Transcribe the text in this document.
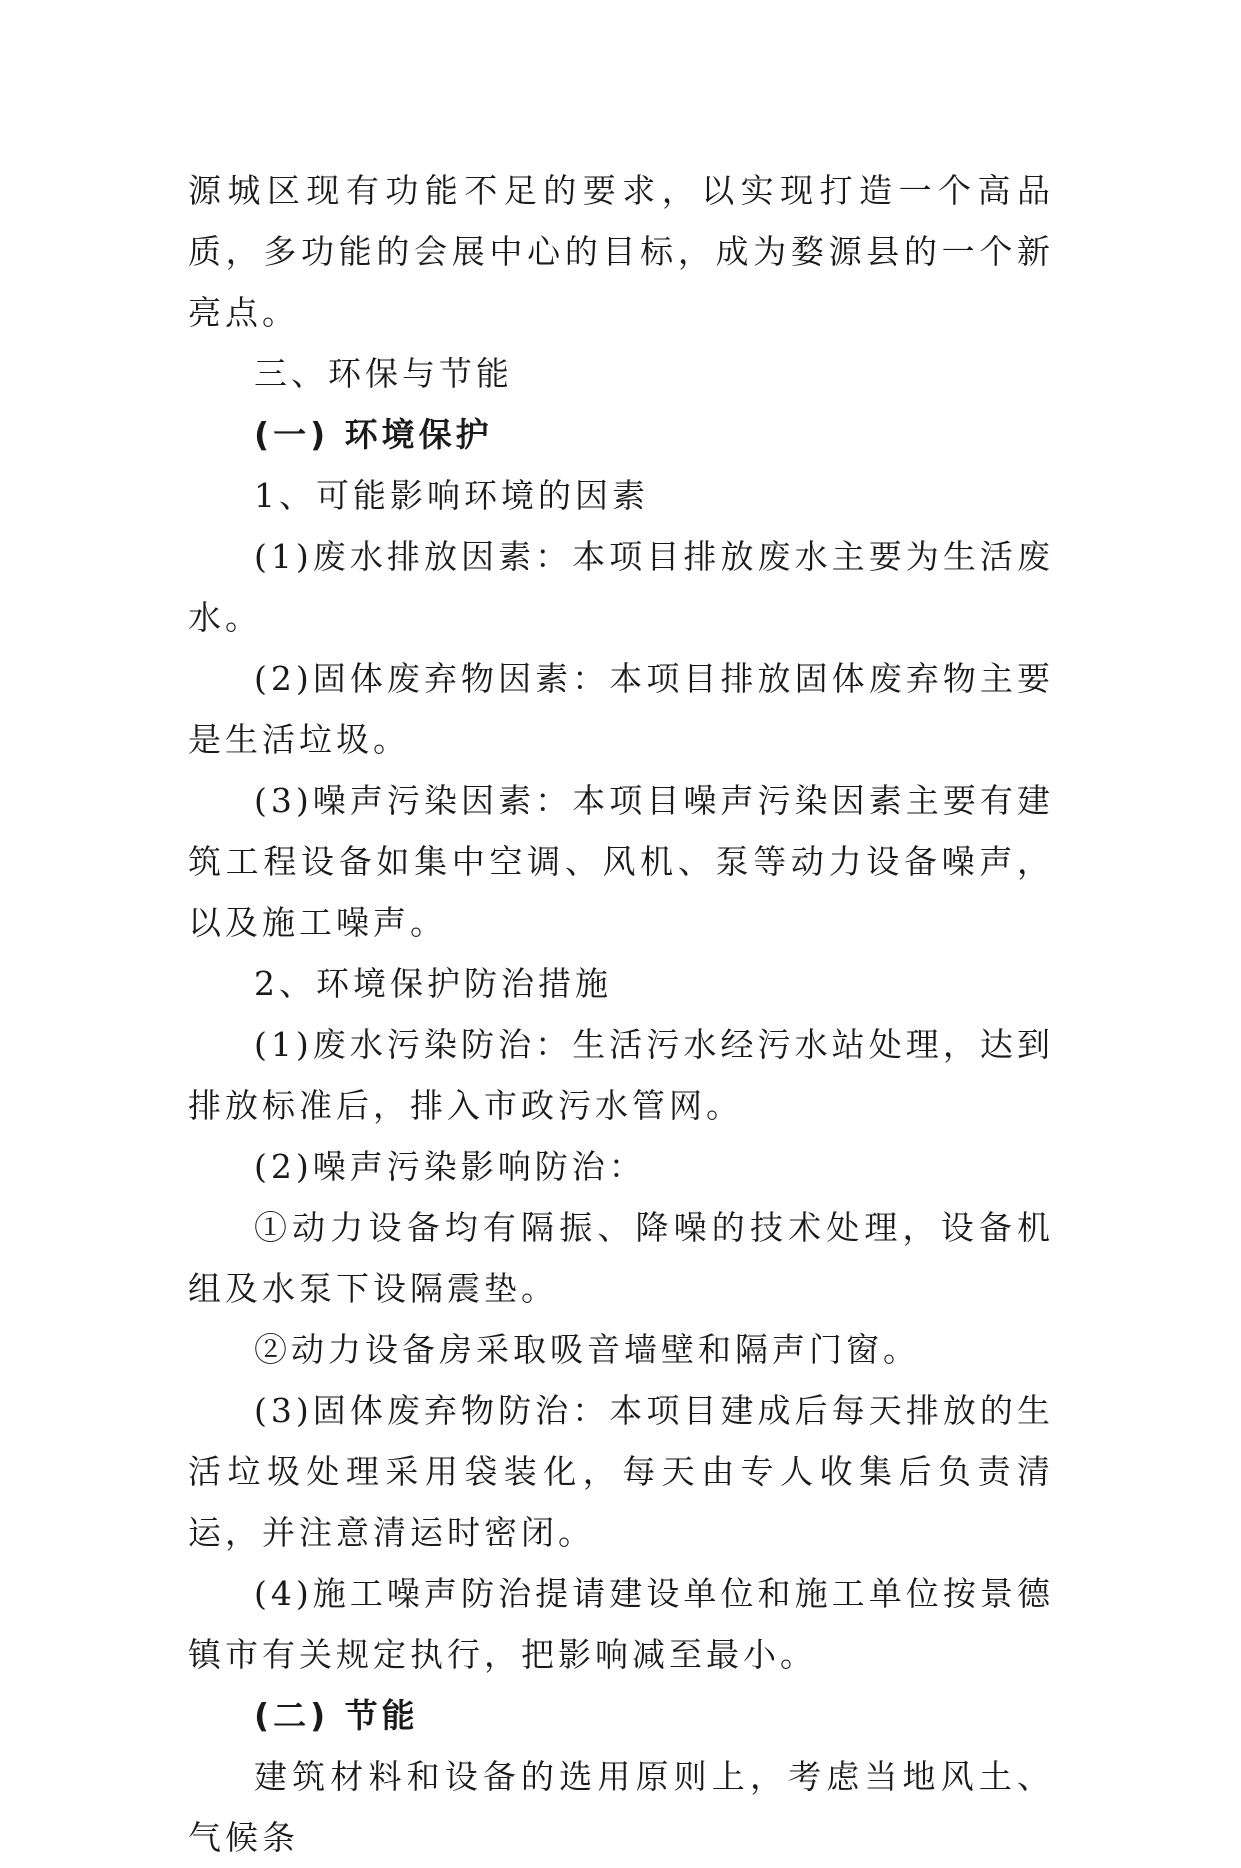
源城区现有功能不足的要求，以实现打造一个高品质，多功能的会展中心的目标，成为婺源县的一个新亮点。

三、环保与节能

(一) 环境保护

1、可能影响环境的因素

(1)废水排放因素：本项目排放废水主要为生活废水。

(2)固体废弃物因素：本项目排放固体废弃物主要是生活垃圾。

(3)噪声污染因素：本项目噪声污染因素主要有建筑工程设备如集中空调、风机、泵等动力设备噪声，以及施工噪声。

2、环境保护防治措施

(1)废水污染防治：生活污水经污水站处理，达到排放标准后，排入市政污水管网。

(2)噪声污染影响防治：

①动力设备均有隔振、降噪的技术处理，设备机组及水泵下设隔震垫。

②动力设备房采取吸音墙壁和隔声门窗。

(3)固体废弃物防治：本项目建成后每天排放的生活垃圾处理采用袋装化，每天由专人收集后负责清运，并注意清运时密闭。

(4)施工噪声防治提请建设单位和施工单位按景德镇市有关规定执行，把影响减至最小。

(二) 节能

建筑材料和设备的选用原则上，考虑当地风土、气候条
